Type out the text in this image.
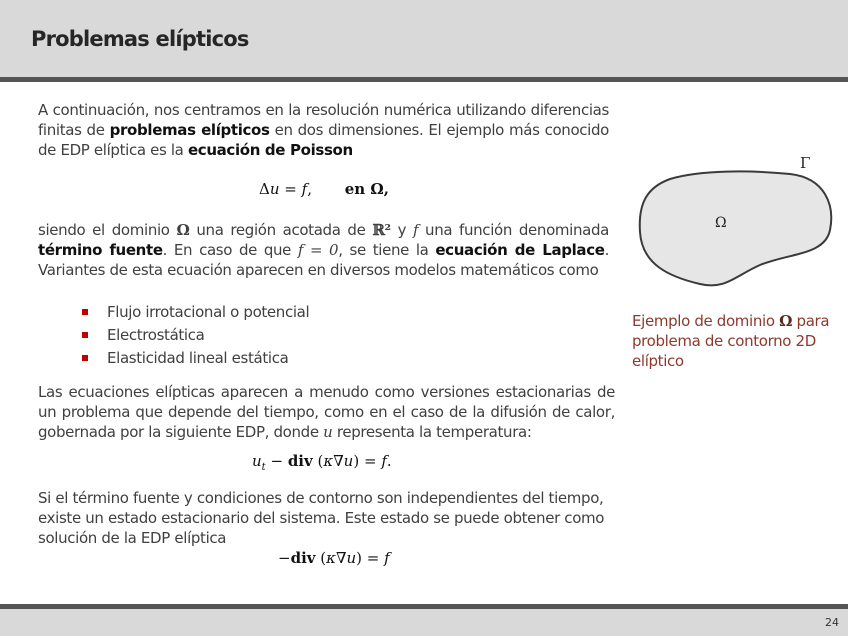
Problemas elípticos

A continuación, nos centramos en la resolución numérica utilizando diferencias finitas de problemas elípticos en dos dimensiones. El ejemplo más conocido de EDP elíptica es la ecuación de Poisson

Δu = f, en Ω,

siendo el dominio Ω una región acotada de ℝ² y f una función denominada término fuente. En caso de que f = 0, se tiene la ecuación de Laplace. Variantes de esta ecuación aparecen en diversos modelos matemáticos como

Flujo irrotacional o potencial
Electrostática
Elasticidad lineal estática

Las ecuaciones elípticas aparecen a menudo como versiones estacionarias de un problema que depende del tiempo, como en el caso de la difusión de calor, gobernada por la siguiente EDP, donde u representa la temperatura:

$u_t$ − div (κ∇u) = f.

Si el término fuente y condiciones de contorno son independientes del tiempo, existe un estado estacionario del sistema. Este estado se puede obtener como solución de la EDP elíptica

−div (κ∇u) = f
Ω
Γ
Ejemplo de dominio Ω para problema de contorno 2D elíptico
24
